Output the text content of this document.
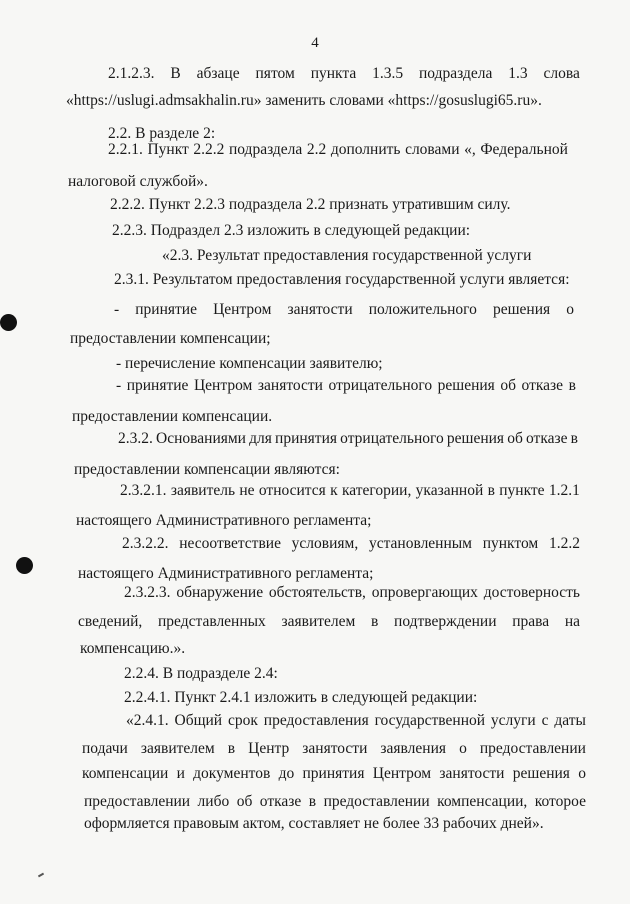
4
2.1.2.3. В абзаце пятом пункта 1.3.5 подраздела 1.3 слова
«https://uslugi.admsakhalin.ru» заменить словами «https://gosuslugi65.ru».
2.2. В разделе 2:
2.2.1. Пункт 2.2.2 подраздела 2.2 дополнить словами «, Федеральной
налоговой службой».
2.2.2. Пункт 2.2.3 подраздела 2.2 признать утратившим силу.
2.2.3. Подраздел 2.3 изложить в следующей редакции:
«2.3. Результат предоставления государственной услуги
2.3.1. Результатом предоставления государственной услуги является:
- принятие Центром занятости положительного решения о
предоставлении компенсации;
- перечисление компенсации заявителю;
- принятие Центром занятости отрицательного решения об отказе в
предоставлении компенсации.
2.3.2. Основаниями для принятия отрицательного решения об отказе в
предоставлении компенсации являются:
2.3.2.1. заявитель не относится к категории, указанной в пункте 1.2.1
настоящего Административного регламента;
2.3.2.2. несоответствие условиям, установленным пунктом 1.2.2
настоящего Административного регламента;
2.3.2.3. обнаружение обстоятельств, опровергающих достоверность
сведений, представленных заявителем в подтверждении права на
компенсацию.».
2.2.4. В подразделе 2.4:
2.2.4.1. Пункт 2.4.1 изложить в следующей редакции:
«2.4.1. Общий срок предоставления государственной услуги с даты
подачи заявителем в Центр занятости заявления о предоставлении
компенсации и документов до принятия Центром занятости решения о
предоставлении либо об отказе в предоставлении компенсации, которое
оформляется правовым актом, составляет не более 33 рабочих дней».
